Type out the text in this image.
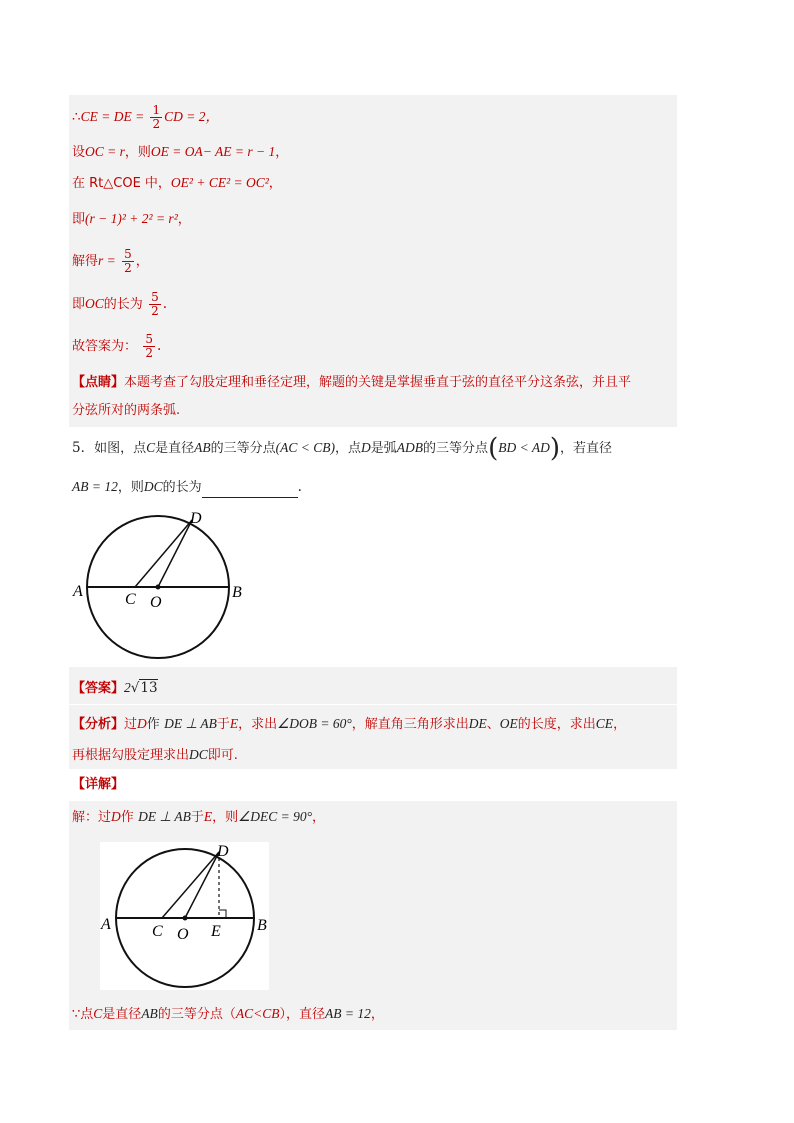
∴CE = DE = $\frac{1}{2}$ CD = 2，
设OC = r，则OE = OA− AE = r − 1，
在 Rt△COE 中，OE² + CE² = OC²，
即(r − 1)² + 2² = r²，
解得$r = \frac{5}{2}$ ，
即OC的长为 $\frac{5}{2}$ .
故答案为： $\frac{5}{2}$ .
【点睛】本题考查了勾股定理和垂径定理，解题的关键是掌握垂直于弦的直径平分这条弦，并且平
分弦所对的两条弧.
5．如图，点C是直径AB的三等分点(AC < CB)，点D是弧ADB的三等分点(BD < AD)，若直径
AB = 12，则DC的长为	.
A	B
C O
D
【答案】2√13
【分析】过D作 DE ⊥ AB于E，求出∠DOB = 60°，解直角三角形求出DE、OE的长度，求出CE，
再根据勾股定理求出DC即可.
【详解】
解：过D作 DE ⊥ AB于E，则∠DEC = 90°，
A	B
C O E
D
∵点C是直径AB的三等分点（AC<CB），直径AB = 12，
